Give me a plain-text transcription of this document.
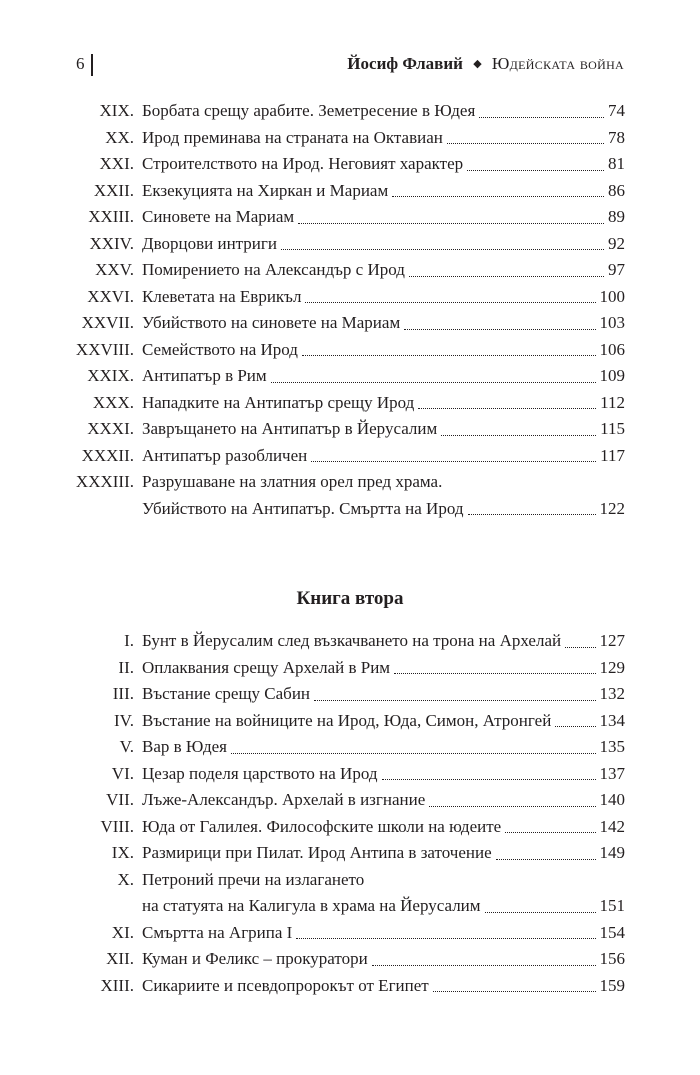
6	Йосиф Флавий ◆ Юдейската война
XIX. Борбата срещу арабите. Земетресение в Юдея	74
XX. Ирод преминава на страната на Октавиан	78
XXI. Строителството на Ирод. Неговият характер	81
XXII. Екзекуцията на Хиркан и Мариам	86
XXIII. Синовете на Мариам	89
XXIV. Дворцови интриги	92
XXV. Помирението на Александър с Ирод	97
XXVI. Клеветата на Еврикъл	100
XXVII. Убийството на синовете на Мариам	103
XXVIII. Семейството на Ирод	106
XXIX. Антипатър в Рим	109
XXX. Нападките на Антипатър срещу Ирод	112
XXXI. Завръщането на Антипатър в Йерусалим	115
XXXII. Антипатър разобличен	117
XXXIII. Разрушаване на златния орел пред храма.
Убийството на Антипатър. Смъртта на Ирод	122
Книга втора
I. Бунт в Йерусалим след възкачването на трона на Архелай 127
II. Оплаквания срещу Архелай в Рим	129
III. Въстание срещу Сабин	132
IV. Въстание на войниците на Ирод, Юда, Симон, Атронгей	134
V. Вар в Юдея	135
VI. Цезар поделя царството на Ирод	137
VII. Лъже-Александър. Архелай в изгнание	140
VIII. Юда от Галилея. Философските школи на юдеите	142
IX. Размирици при Пилат. Ирод Антипа в заточение	149
X. Петроний пречи на излагането
на статуята на Калигула в храма на Йерусалим	151
XI. Смъртта на Агрипа I	154
XII. Куман и Феликс – прокуратори	156
XIII. Сикариите и псевдопророкът от Египет	159
